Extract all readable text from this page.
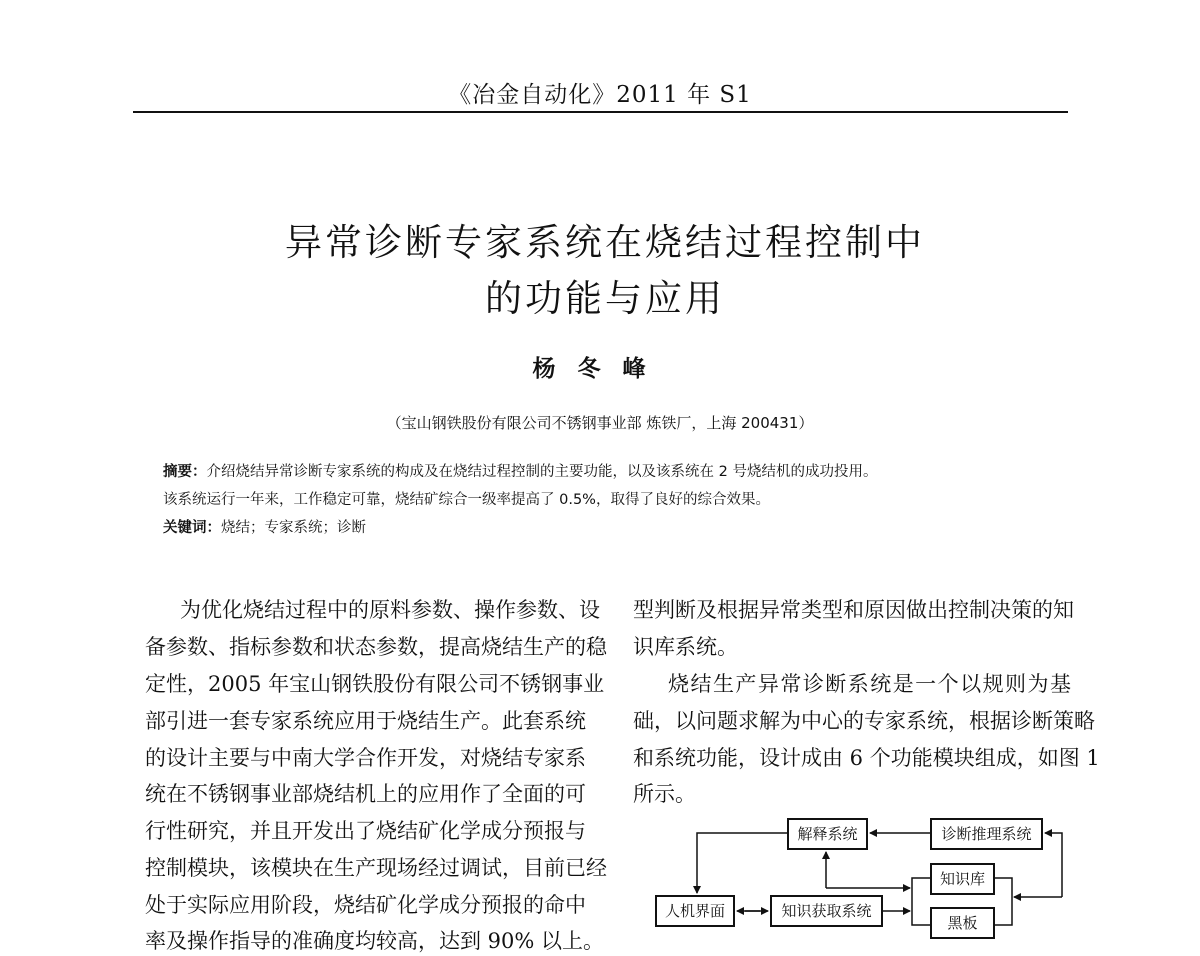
《冶金自动化》2011 年 S1
异常诊断专家系统在烧结过程控制中
的功能与应用
杨冬峰
（宝山钢铁股份有限公司不锈钢事业部 炼铁厂，上海 200431）
摘要：介绍烧结异常诊断专家系统的构成及在烧结过程控制的主要功能，以及该系统在 2 号烧结机的成功投用。
该系统运行一年来，工作稳定可靠，烧结矿综合一级率提高了 0.5%，取得了良好的综合效果。
关键词：烧结；专家系统；诊断
为优化烧结过程中的原料参数、操作参数、设
备参数、指标参数和状态参数，提高烧结生产的稳
定性，2005 年宝山钢铁股份有限公司不锈钢事业
部引进一套专家系统应用于烧结生产。此套系统
的设计主要与中南大学合作开发，对烧结专家系
统在不锈钢事业部烧结机上的应用作了全面的可
行性研究，并且开发出了烧结矿化学成分预报与
控制模块，该模块在生产现场经过调试，目前已经
处于实际应用阶段，烧结矿化学成分预报的命中
率及操作指导的准确度均较高，达到 90% 以上。
型判断及根据异常类型和原因做出控制决策的知
识库系统。
烧结生产异常诊断系统是一个以规则为基
础，以问题求解为中心的专家系统，根据诊断策略
和系统功能，设计成由 6 个功能模块组成，如图 1
所示。
解释系统	诊断推理系统
知识库
黑板
人机界面	知识获取系统
